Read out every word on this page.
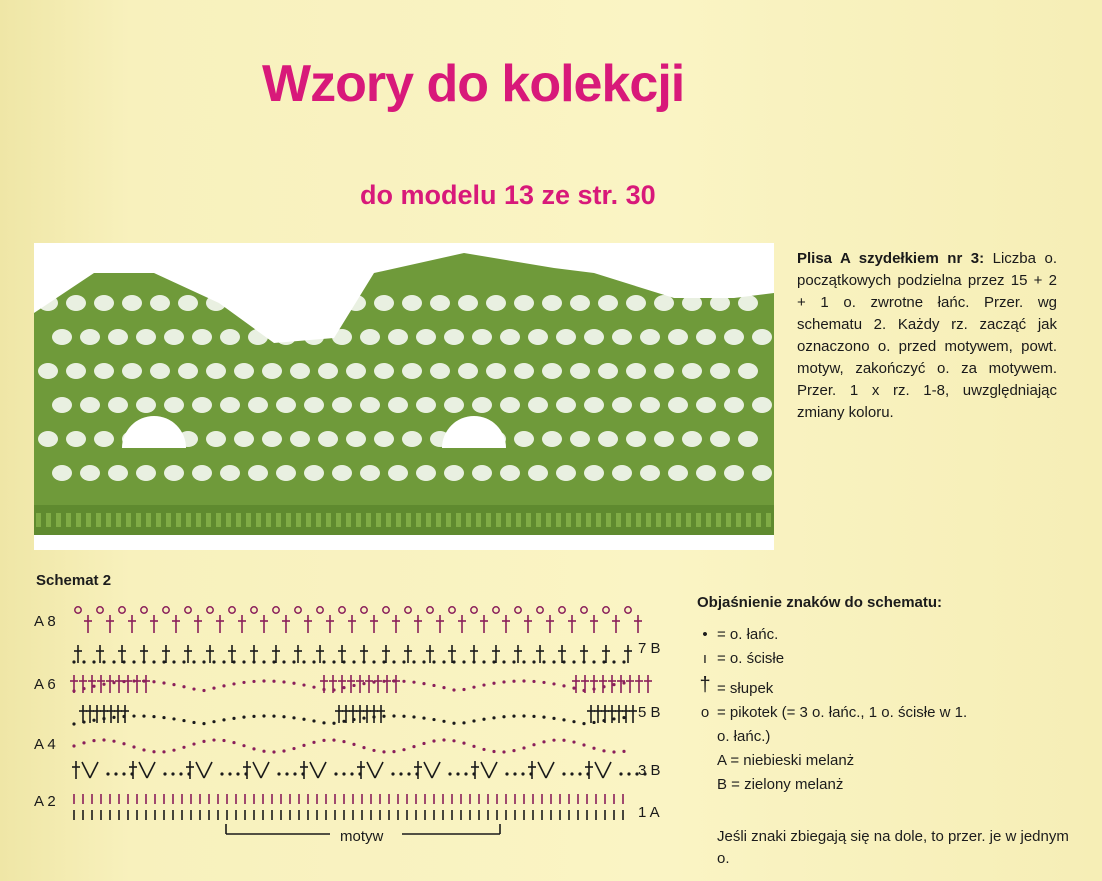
Wzory do kolekcji
do modelu 13 ze str. 30
Plisa A szydełkiem nr 3: Liczba o. początkowych podzielna przez 15 + 2 + 1 o. zwrotne łańc. Przer. wg schematu 2. Każdy rz. zacząć jak oznaczono o. przed motywem, powt. motyw, zakończyć o. za motywem. Przer. 1 x rz. 1-8, uwzględniając zmiany koloru.
Schemat 2
A 8
A 6
A 4
A 2
7 B
5 B
3 B
1 A
motyw
Objaśnienie znaków do schematu:
• = o. łańc.
ı = o. ścisłe
† = słupek
o = pikotek (= 3 o. łańc., 1 o. ścisłe w 1.
o. łańc.)
A = niebieski melanż
B = zielony melanż
Jeśli znaki zbiegają się na dole, to przer. je w jednym o.
